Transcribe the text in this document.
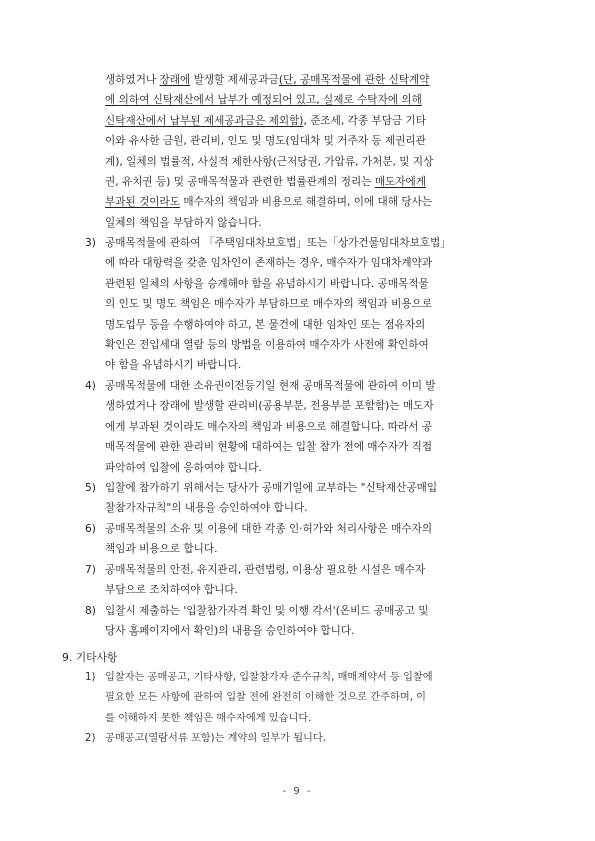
생하였거나 장래에 발생할 제세공과금(단, 공매목적물에 관한 신탁계약
에 의하여 신탁재산에서 납부가 예정되어 있고, 실제로 수탁자에 의해
신탁재산에서 납부된 제세공과금은 제외함), 준조세, 각종 부담금 기타
이와 유사한 금원, 관리비, 인도 및 명도(임대차 및 거주자 등 제권리관
계), 일체의 법률적, 사실적 제한사항(근저당권, 가압류, 가처분, 및 지상
권, 유치권 등) 및 공매목적물과 관련한 법률관계의 정리는 매도자에게
부과된 것이라도 매수자의 책임과 비용으로 해결하며, 이에 대해 당사는
일체의 책임을 부담하지 않습니다.
3) 공매목적물에 관하여 「주택임대차보호법」또는「상가건물임대차보호법」
에 따라 대항력을 갖춘 임차인이 존재하는 경우, 매수자가 임대차계약과
관련된 일체의 사항을 승계해야 함을 유념하시기 바랍니다. 공매목적물
의 인도 및 명도 책임은 매수자가 부담하므로 매수자의 책임과 비용으로
명도업무 등을 수행하여야 하고, 본 물건에 대한 임차인 또는 점유자의
확인은 전입세대 열람 등의 방법을 이용하여 매수자가 사전에 확인하여
야 함을 유념하시기 바랍니다.
4) 공매목적물에 대한 소유권이전등기일 현재 공매목적물에 관하여 이미 발
생하였거나 장래에 발생할 관리비(공용부분, 전용부분 포함함)는 매도자
에게 부과된 것이라도 매수자의 책임과 비용으로 해결합니다. 따라서 공
매목적물에 관한 관리비 현황에 대하여는 입찰 참가 전에 매수자가 직접
파악하여 입찰에 응하여야 합니다.
5) 입찰에 참가하기 위해서는 당사가 공매기일에 교부하는 "신탁재산공매입
찰참가자규칙"의 내용을 승인하여야 합니다.
6) 공매목적물의 소유 및 이용에 대한 각종 인·허가와 처리사항은 매수자의
책임과 비용으로 합니다.
7) 공매목적물의 안전, 유지관리, 관련법령, 이용상 필요한 시설은 매수자
부담으로 조치하여야 합니다.
8) 입찰시 제출하는 '입찰참가자격 확인 및 이행 각서'(온비드 공매공고 및
당사 홈페이지에서 확인)의 내용을 승인하여야 합니다.
9. 기타사항
1) 입찰자는 공매공고, 기타사항, 입찰참가자 준수규칙, 매매계약서 등 입찰에
필요한 모든 사항에 관하여 입찰 전에 완전히 이해한 것으로 간주하며, 이
를 이해하지 못한 책임은 매수자에게 있습니다.
2) 공매공고(열람서류 포함)는 계약의 일부가 됩니다.
- 9 -
